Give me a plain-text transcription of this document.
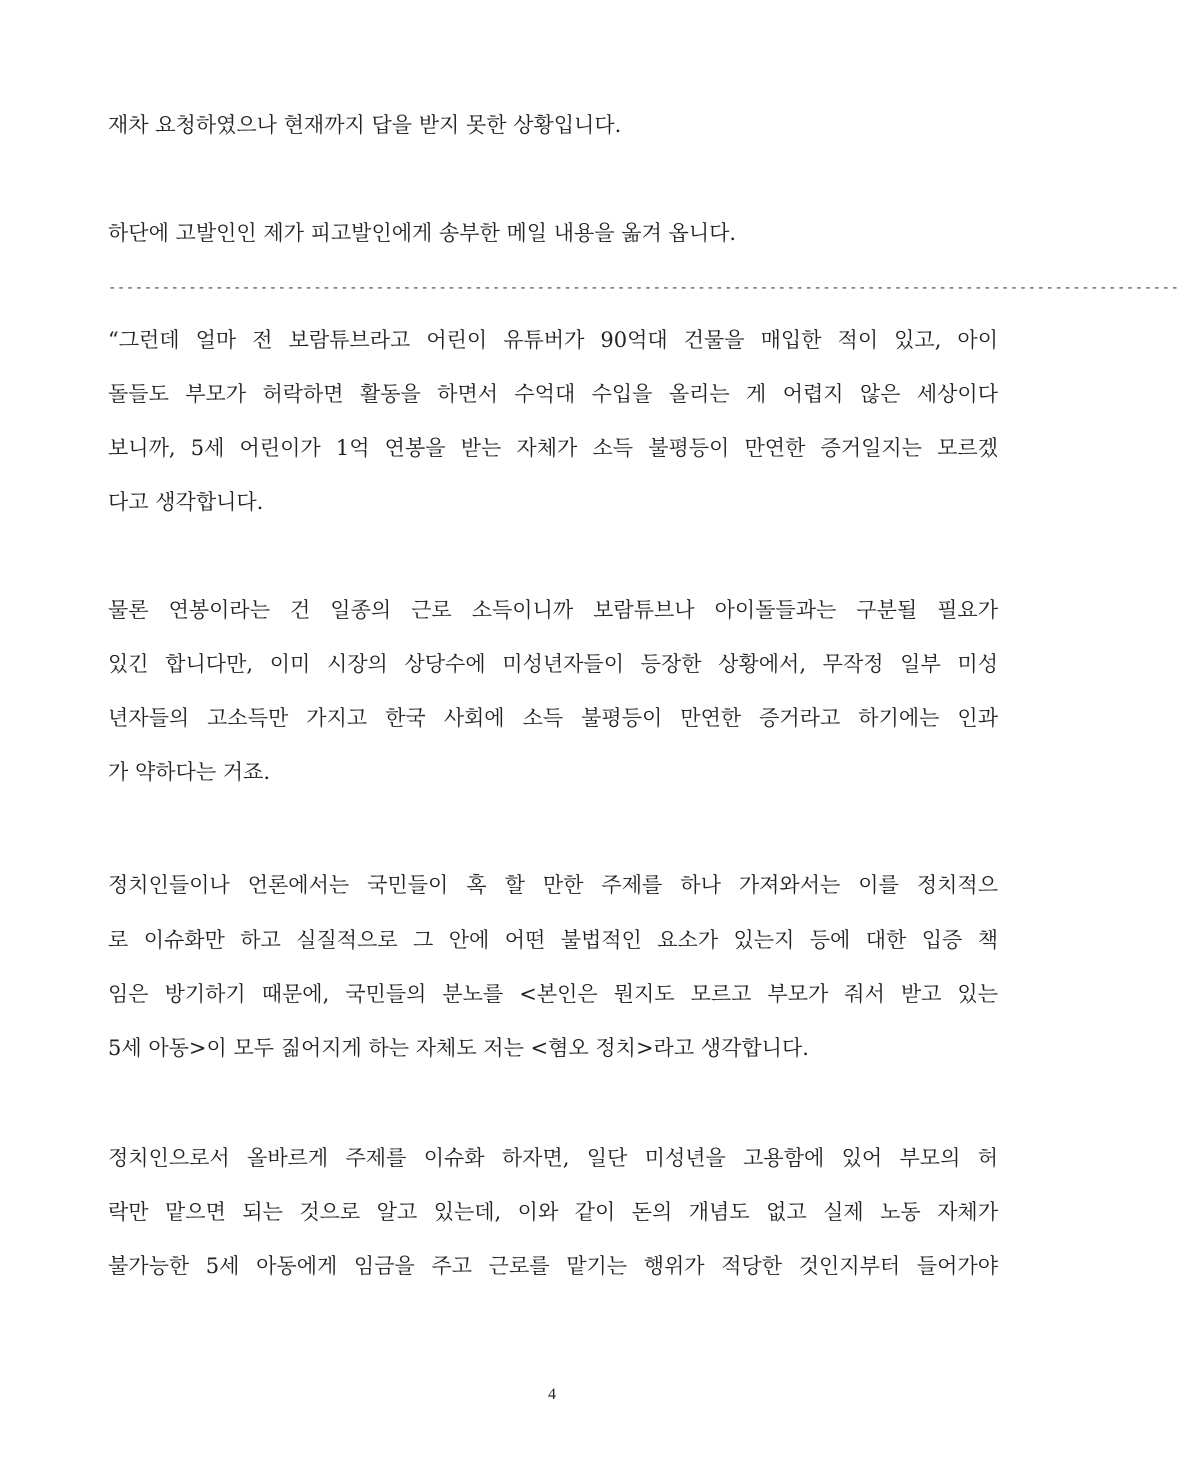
재차 요청하였으나 현재까지 답을 받지 못한 상황입니다.
하단에 고발인인 제가 피고발인에게 송부한 메일 내용을 옮겨 옵니다.
------------------------------------------------------------------------------------------------------------------------
“그런데 얼마 전 보람튜브라고 어린이 유튜버가 90억대 건물을 매입한 적이 있고, 아이
돌들도 부모가 허락하면 활동을 하면서 수억대 수입을 올리는 게 어렵지 않은 세상이다
보니까, 5세 어린이가 1억 연봉을 받는 자체가 소득 불평등이 만연한 증거일지는 모르겠
다고 생각합니다.
물론 연봉이라는 건 일종의 근로 소득이니까 보람튜브나 아이돌들과는 구분될 필요가
있긴 합니다만, 이미 시장의 상당수에 미성년자들이 등장한 상황에서, 무작정 일부 미성
년자들의 고소득만 가지고 한국 사회에 소득 불평등이 만연한 증거라고 하기에는 인과
가 약하다는 거죠.
정치인들이나 언론에서는 국민들이 혹 할 만한 주제를 하나 가져와서는 이를 정치적으
로 이슈화만 하고 실질적으로 그 안에 어떤 불법적인 요소가 있는지 등에 대한 입증 책
임은 방기하기 때문에, 국민들의 분노를 <본인은 뭔지도 모르고 부모가 줘서 받고 있는
5세 아동>이 모두 짊어지게 하는 자체도 저는 <혐오 정치>라고 생각합니다.
정치인으로서 올바르게 주제를 이슈화 하자면, 일단 미성년을 고용함에 있어 부모의 허
락만 맡으면 되는 것으로 알고 있는데, 이와 같이 돈의 개념도 없고 실제 노동 자체가
불가능한 5세 아동에게 임금을 주고 근로를 맡기는 행위가 적당한 것인지부터 들어가야
4
